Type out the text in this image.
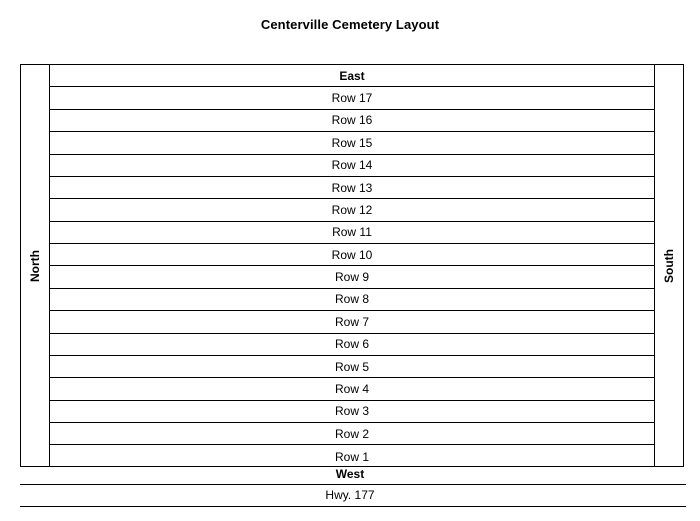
Centerville Cemetery Layout
North
East
Row 17
Row 16
Row 15
Row 14
Row 13
Row 12
Row 11
Row 10
Row 9
Row 8
Row 7
Row 6
Row 5
Row 4
Row 3
Row 2
Row 1
South
West
Hwy. 177
